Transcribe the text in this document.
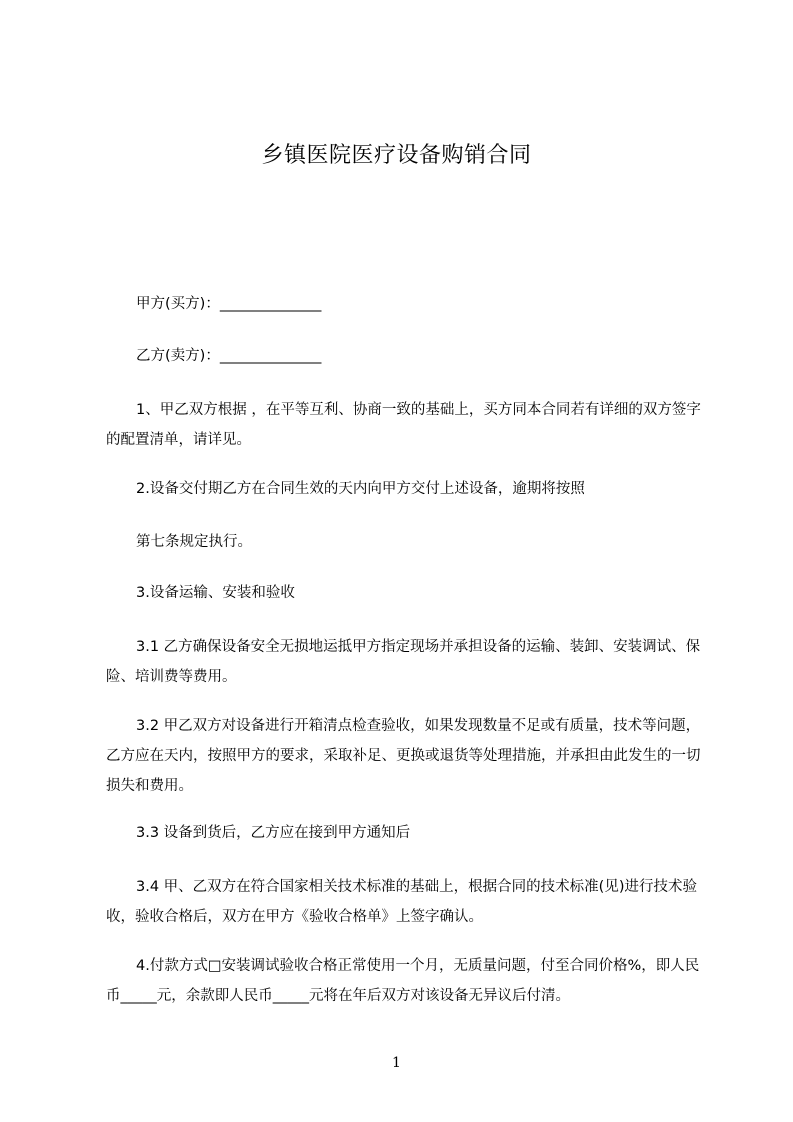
乡镇医院医疗设备购销合同
甲方(买方)：______________
乙方(卖方)：______________
1、甲乙双方根据 ，在平等互利、协商一致的基础上，买方同本合同若有详细的双方签字的配置清单，请详见。
2.设备交付期乙方在合同生效的天内向甲方交付上述设备，逾期将按照
第七条规定执行。
3.设备运输、安装和验收
3.1 乙方确保设备安全无损地运抵甲方指定现场并承担设备的运输、装卸、安装调试、保险、培训费等费用。
3.2 甲乙双方对设备进行开箱清点检查验收，如果发现数量不足或有质量，技术等问题，乙方应在天内，按照甲方的要求，采取补足、更换或退货等处理措施，并承担由此发生的一切损失和费用。
3.3 设备到货后，乙方应在接到甲方通知后
3.4 甲、乙双方在符合国家相关技术标准的基础上，根据合同的技术标准(见)进行技术验收，验收合格后，双方在甲方《验收合格单》上签字确认。
4.付款方式□安装调试验收合格正常使用一个月，无质量问题，付至合同价格%，即人民币_____元，余款即人民币_____元将在年后双方对该设备无异议后付清。
1
